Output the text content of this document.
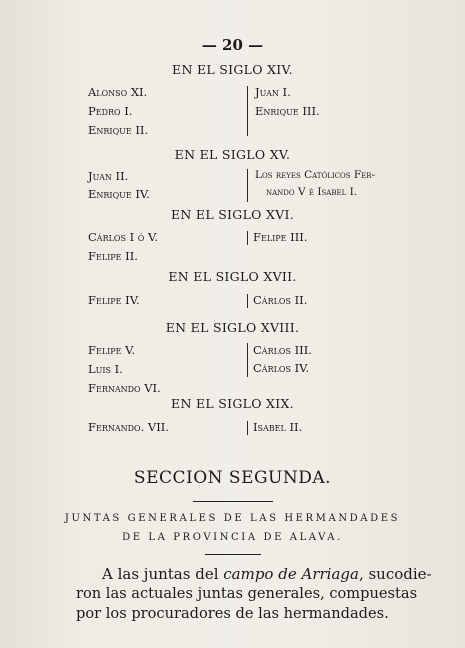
— 20 —
EN EL SIGLO XIV.
Alonso XI.
Pedro I.
Enrique II.
Juan I.
Enrique III.
EN EL SIGLO XV.
Juan II.
Enrique IV.
Los reyes Católicos Fer-
nando V é Isabel I.
EN EL SIGLO XVI.
Cárlos I ó V.
Felipe II.
Felipe III.
EN EL SIGLO XVII.
Felipe IV.	Cárlos II.
EN EL SIGLO XVIII.
Felipe V.
Luis I.
Fernando VI.
Cárlos III.
Cárlos IV.
EN EL SIGLO XIX.
Fernando. VII.	Isabel II.
SECCION SEGUNDA.
JUNTAS GENERALES DE LAS HERMANDADES
DE LA PROVINCIA DE ALAVA.
A las juntas del campo de Arriaga, sucodie-
ron las actuales juntas generales, compuestas
por los procuradores de las hermandades.
